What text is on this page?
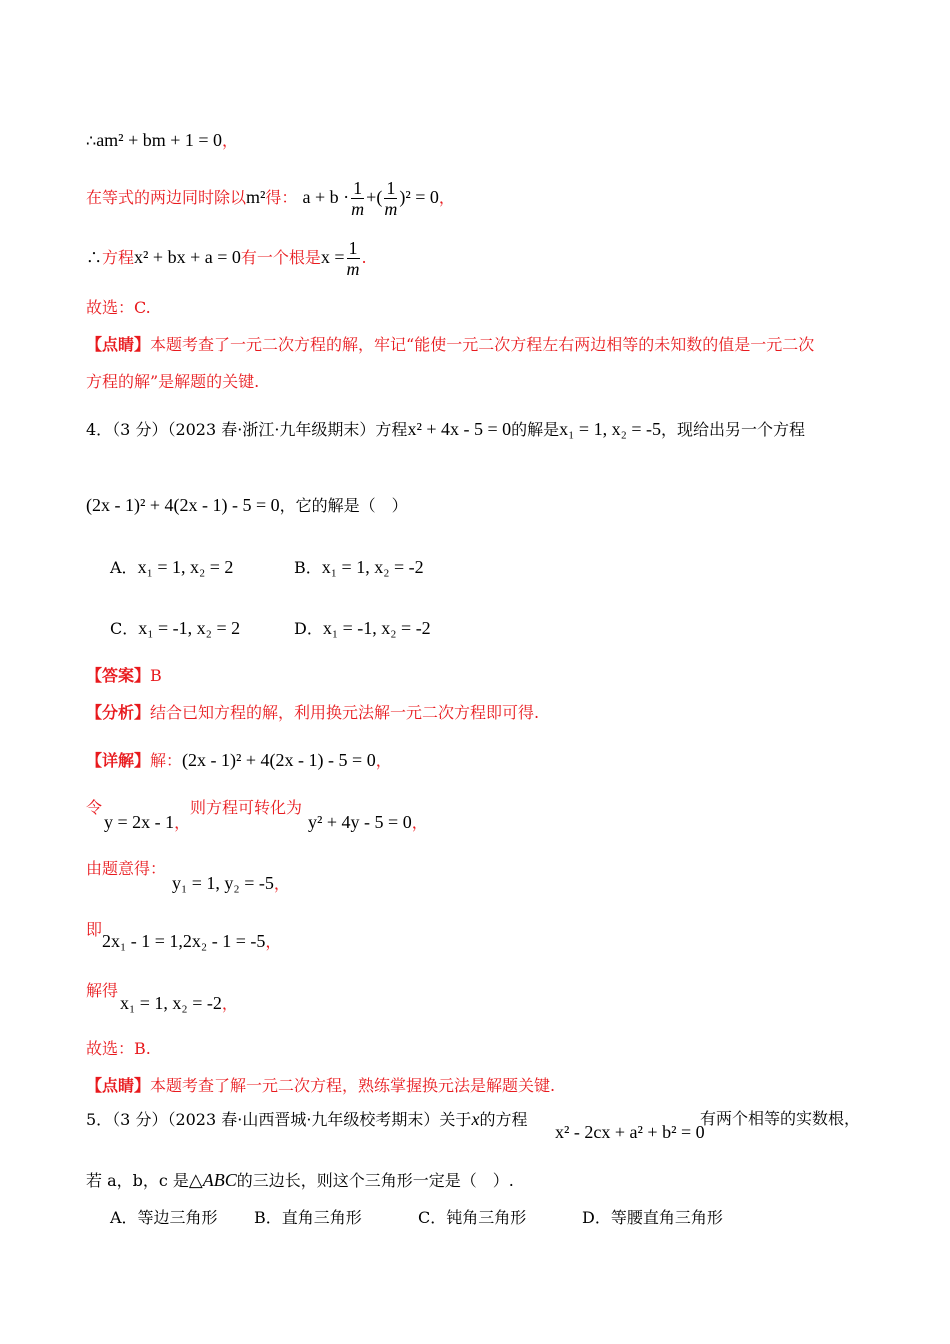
∴am² + bm + 1 = 0，
在等式的两边同时除以m²得： $a + b \cdot \frac{1}{m}$ +( $\frac{1}{m} )^2 = 0$，
∴方程x² + bx + a = 0有一个根是$x = \frac{1}{m}$ .
故选：C.
【点睛】本题考查了一元二次方程的解，牢记“能使一元二次方程左右两边相等的未知数的值是一元二次
方程的解”是解题的关键.
4．（3 分）（2023 春·浙江·九年级期末）方程x² + 4x - 5 = 0的解是x₁ = 1, x₂ = -5，现给出另一个方程
(2x - 1)² + 4(2x - 1) - 5 = 0，它的解是（　）
A．x₁ = 1, x₂ = 2	B．x₁ = 1, x₂ = -2
C．x₁ = -1, x₂ = 2	D．x₁ = -1, x₂ = -2
【答案】B
【分析】结合已知方程的解，利用换元法解一元二次方程即可得.
【详解】解：(2x - 1)² + 4(2x - 1) - 5 = 0，
令
y = 2x - 1，
则方程可转化为
y² + 4y - 5 = 0，
由题意得：
y₁ = 1, y₂ = -5，
即
2x₁ - 1 = 1,2x₂ - 1 = -5，
解得
x₁ = 1, x₂ = -2，
故选：B.
【点睛】本题考查了解一元二次方程，熟练掌握换元法是解题关键.
5．（3 分）（2023 春·山西晋城·九年级校考期末）关于x的方程
x² - 2cx + a² + b² = 0
有两个相等的实数根，
若 a，b，c 是△ABC的三边长，则这个三角形一定是（　）.
A．等边三角形 B．直角三角形	C．钝角三角形	D．等腰直角三角形
